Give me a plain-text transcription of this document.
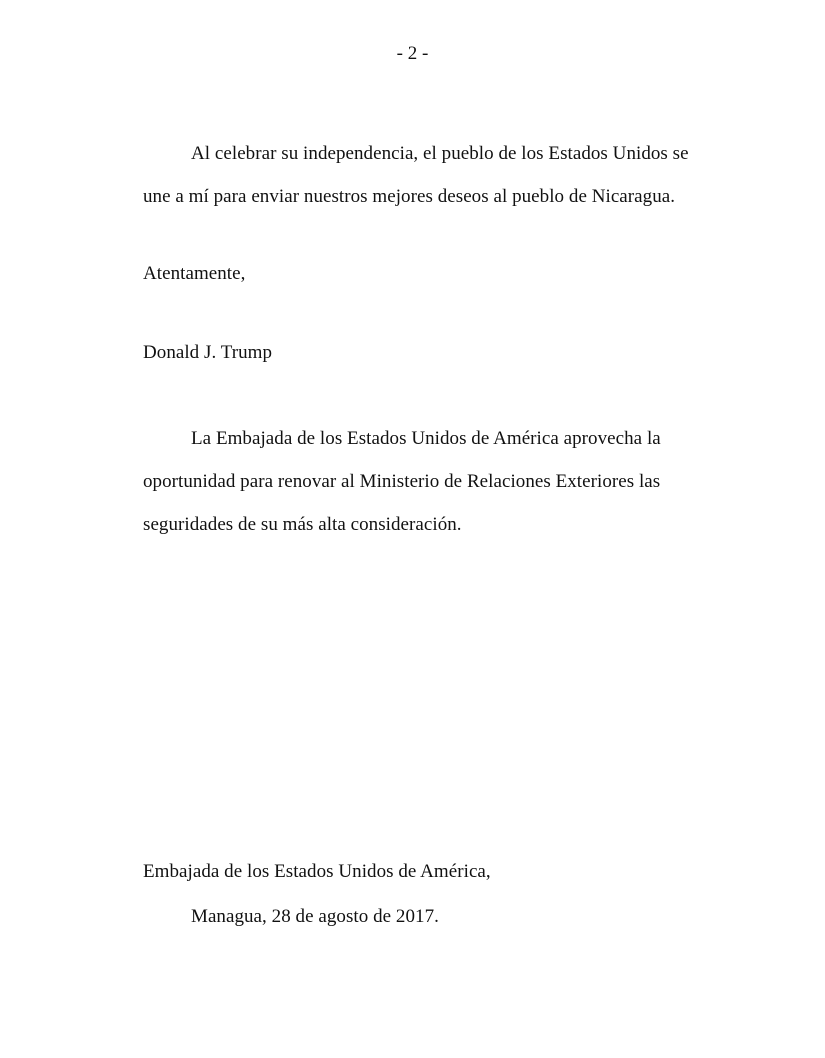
- 2 -
Al celebrar su independencia, el pueblo de los Estados Unidos se
une a mí para enviar nuestros mejores deseos al pueblo de Nicaragua.
Atentamente,
Donald J. Trump
La Embajada de los Estados Unidos de América aprovecha la
oportunidad para renovar al Ministerio de Relaciones Exteriores las
seguridades de su más alta consideración.
Embajada de los Estados Unidos de América,
Managua, 28 de agosto de 2017.
